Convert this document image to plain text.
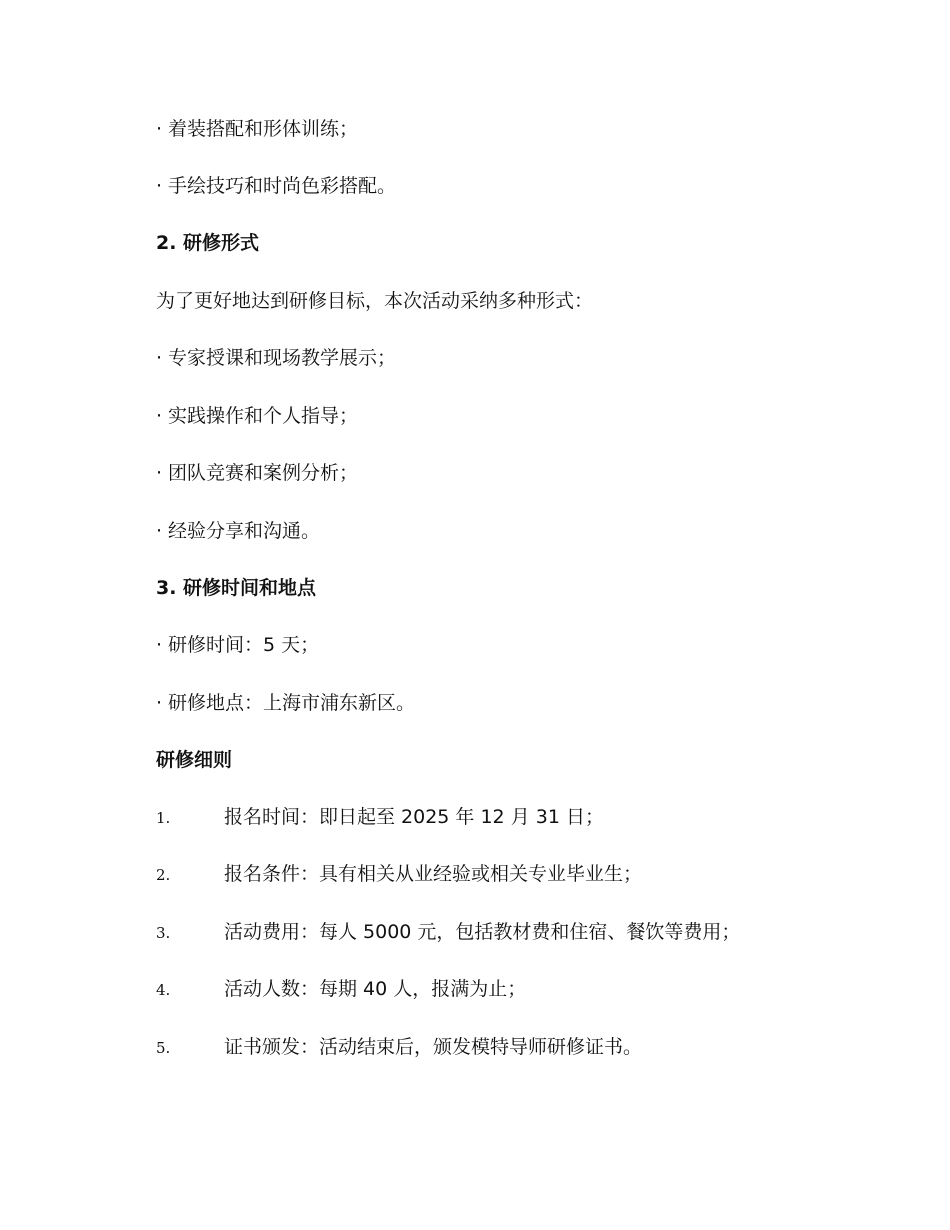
· 着装搭配和形体训练；
· 手绘技巧和时尚色彩搭配。
2. 研修形式
为了更好地达到研修目标，本次活动采纳多种形式：
· 专家授课和现场教学展示；
· 实践操作和个人指导；
· 团队竞赛和案例分析；
· 经验分享和沟通。
3. 研修时间和地点
· 研修时间：5 天；
· 研修地点：上海市浦东新区。
研修细则
1.	报名时间：即日起至 2025 年 12 月 31 日；
2.	报名条件：具有相关从业经验或相关专业毕业生；
3.	活动费用：每人 5000 元，包括教材费和住宿、餐饮等费用；
4.	活动人数：每期 40 人，报满为止；
5.	证书颁发：活动结束后，颁发模特导师研修证书。
